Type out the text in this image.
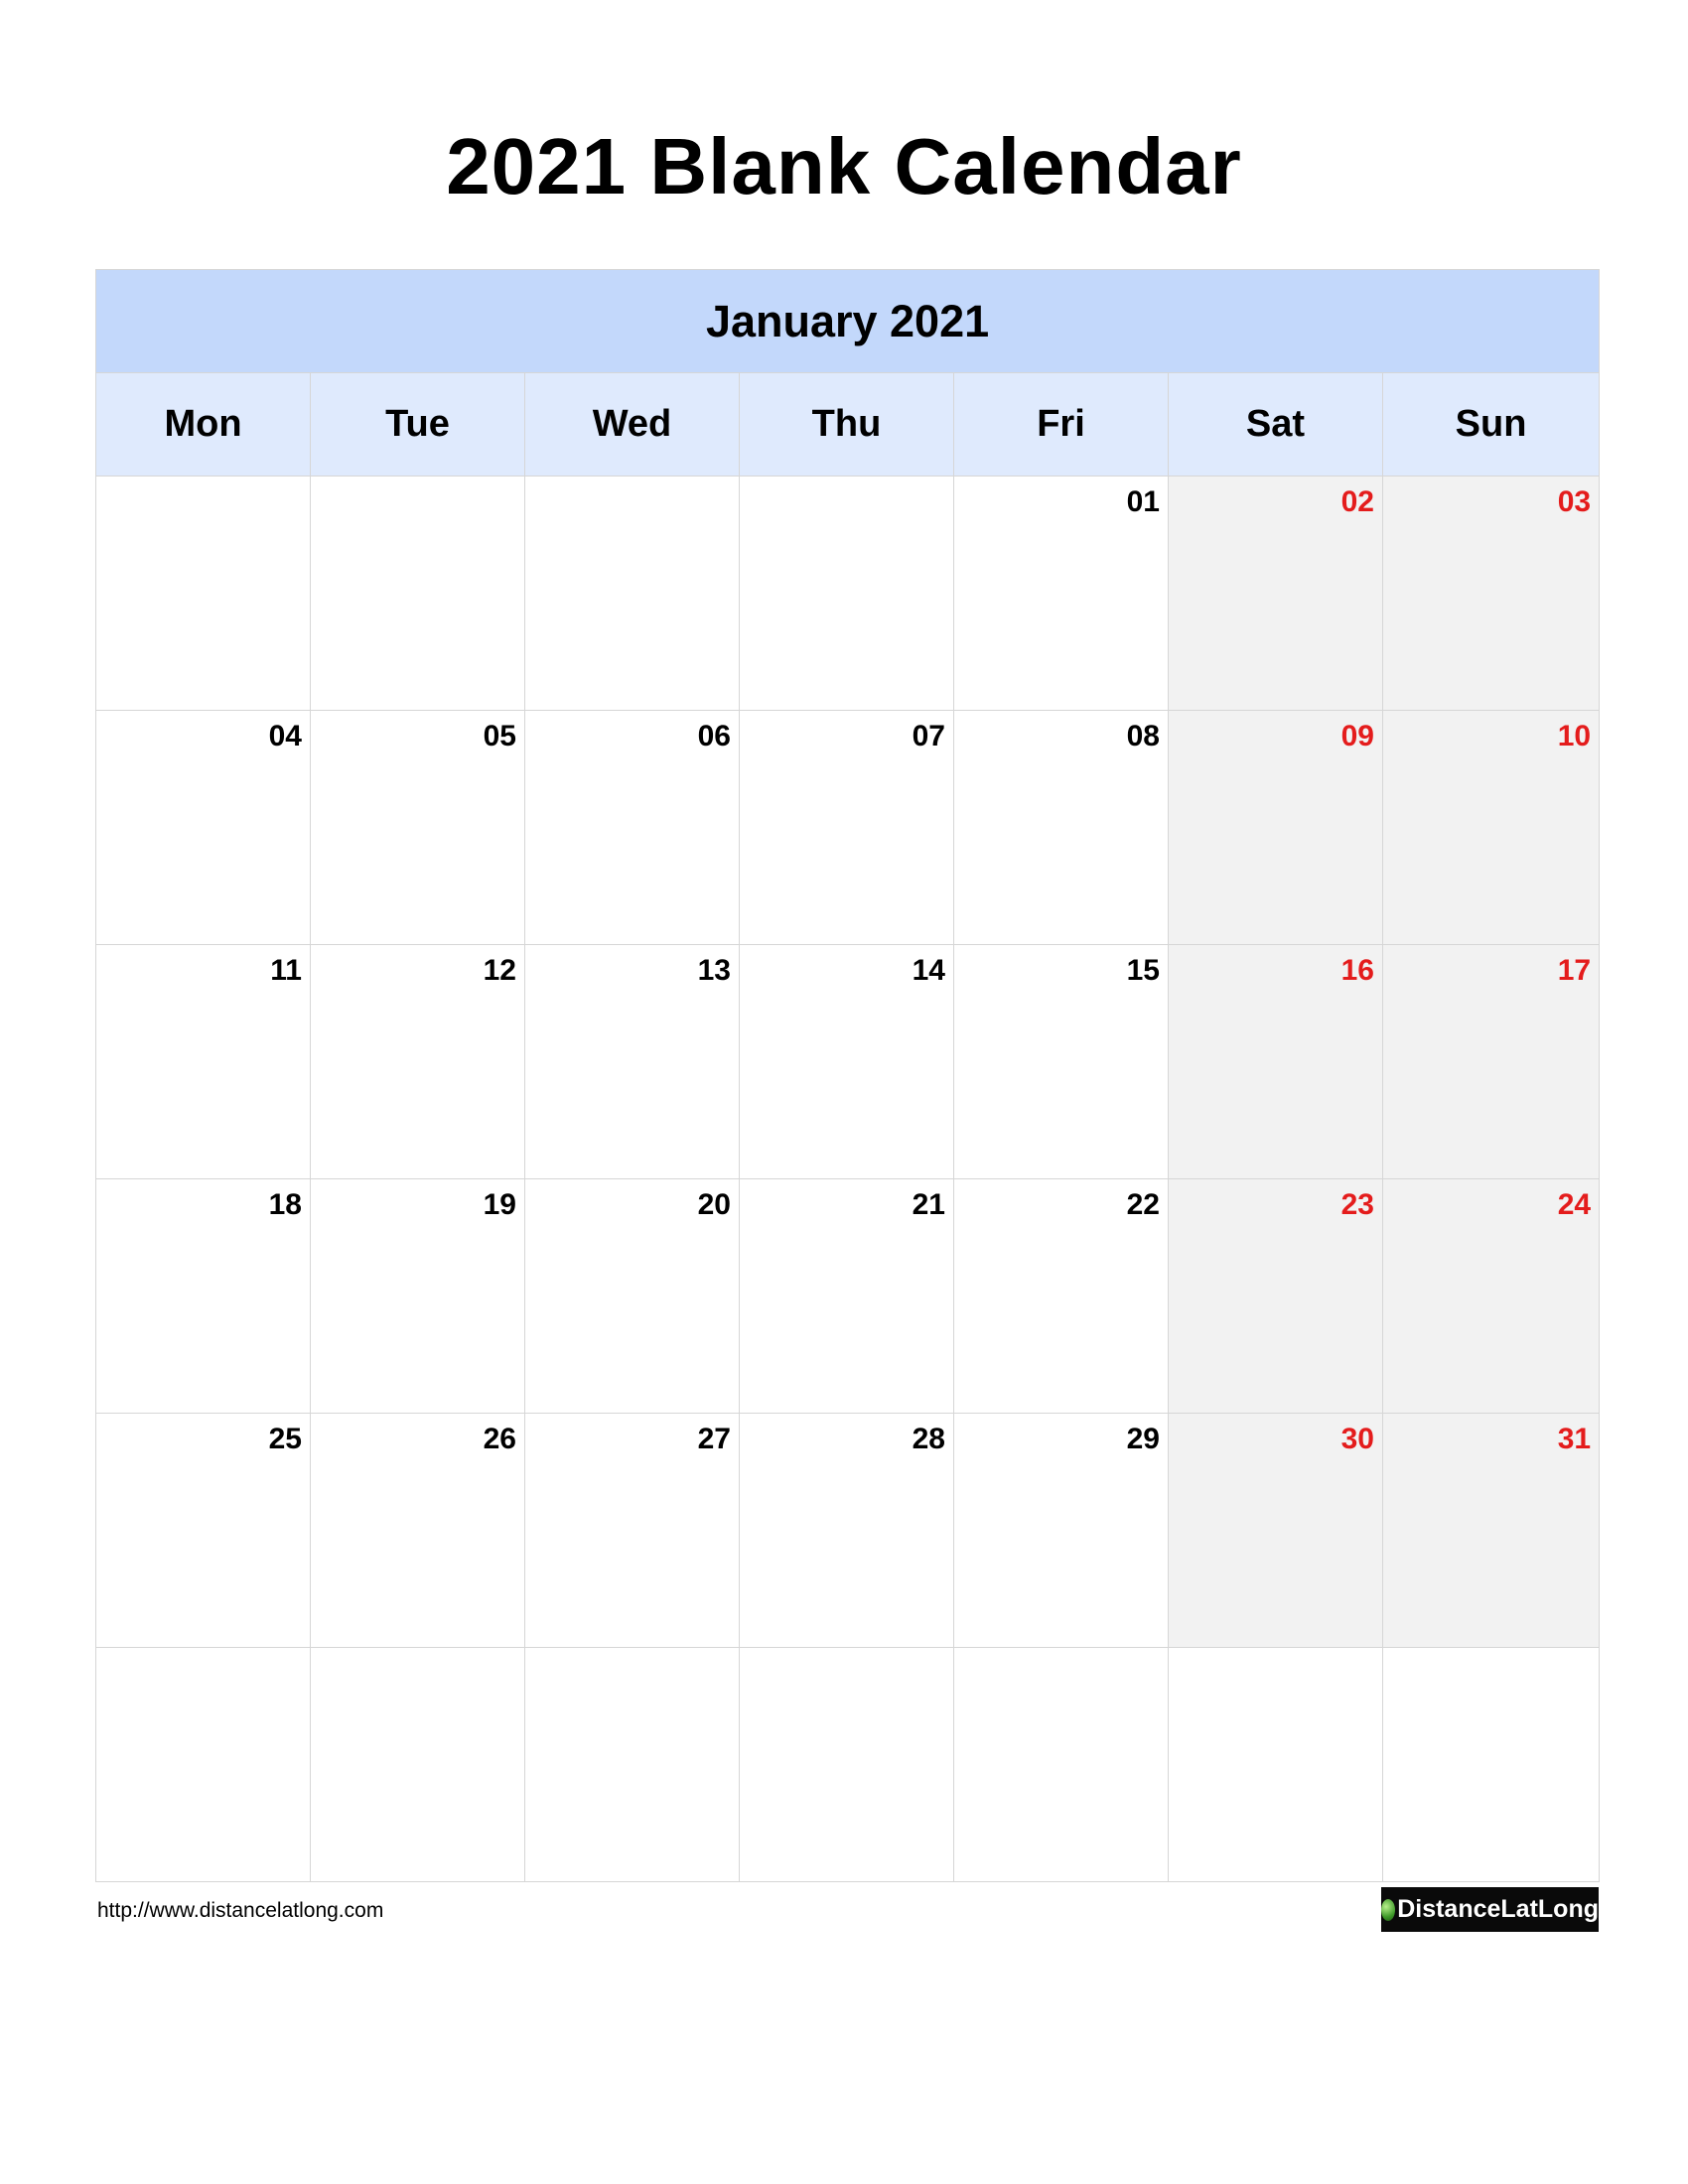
2021 Blank Calendar
January 2021						
Mon	Tue	Wed	Thu	Fri	Sat	Sun

				01	02	03

04	05	06	07	08	09	10

11	12	13	14	15	16	17

18	19	20	21	22	23	24

25	26	27	28	29	30	31

http://www.distancelatlong.com	DistanceLatLong
